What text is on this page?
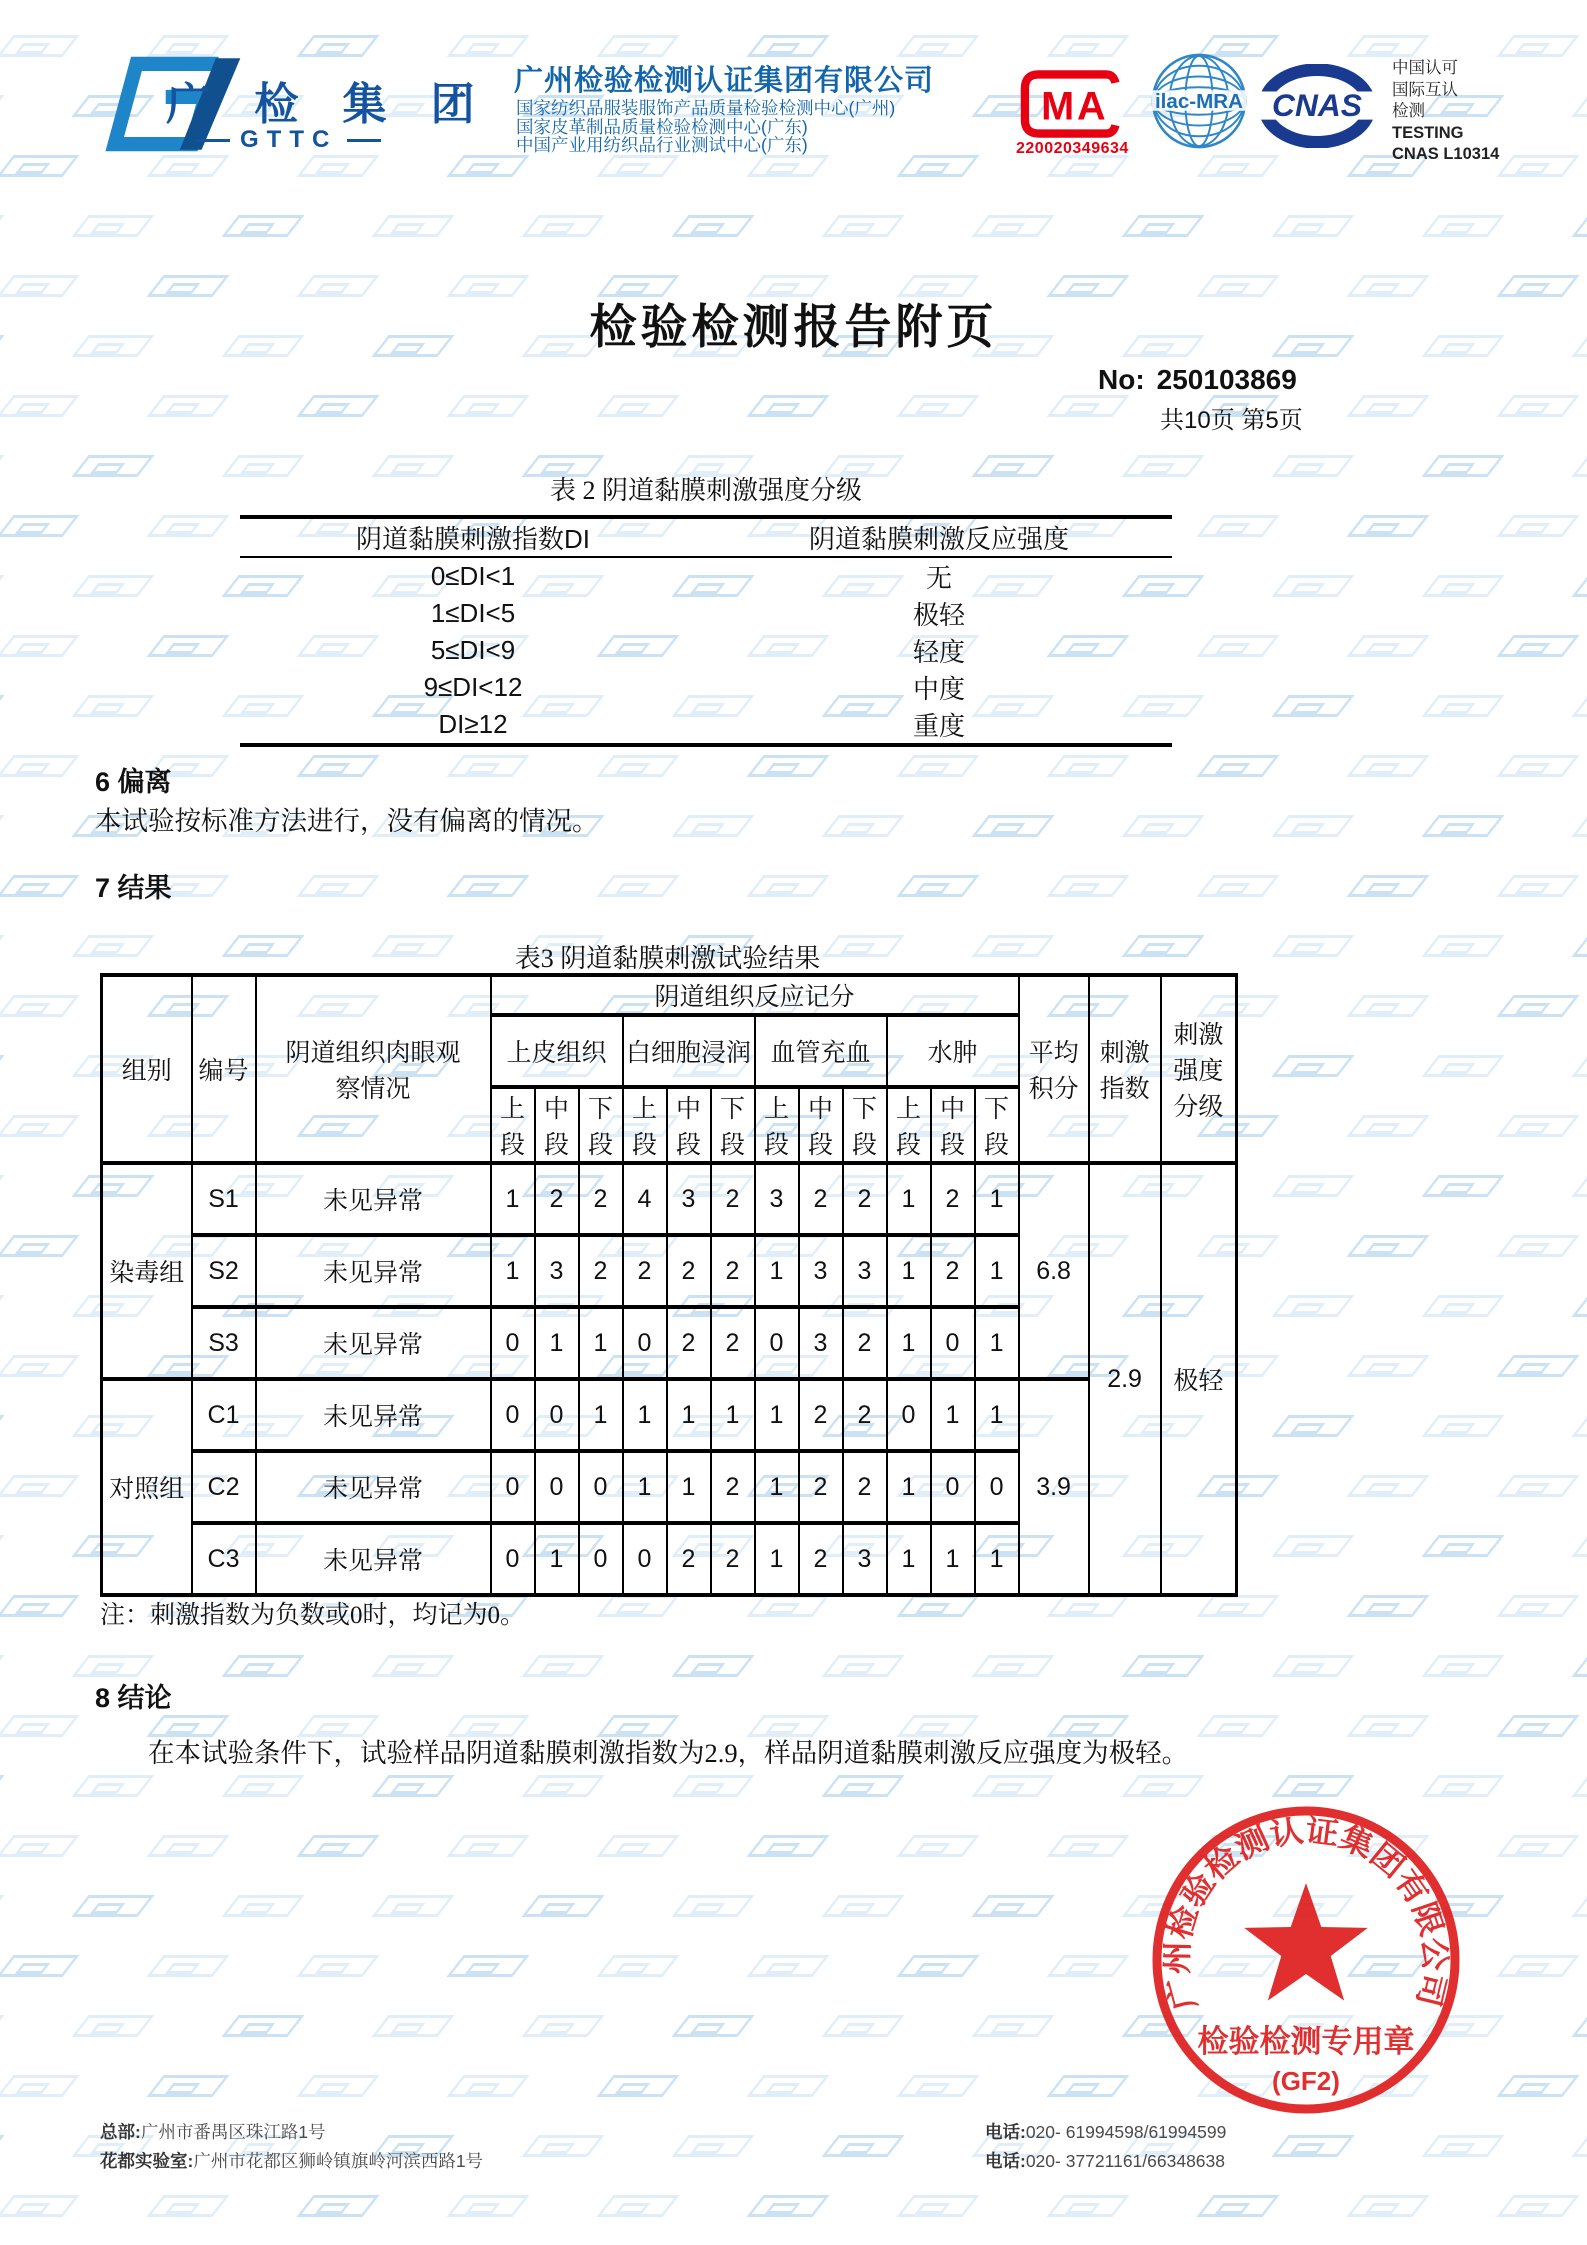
广 检 集 团
GTTC
广州检验检测认证集团有限公司
国家纺织品服装服饰产品质量检验检测中心(广州)
国家皮革制品质量检验检测中心(广东)
中国产业用纺织品行业测试中心(广东)
MA
220020349634
ilac-MRA CNAS
中国认可
国际互认
检测
TESTING
CNAS L10314
检验检测报告附页
No: 250103869
共10页 第5页
表 2 阴道黏膜刺激强度分级
阴道黏膜刺激指数DI	阴道黏膜刺激反应强度
0≤DI<1	无
1≤DI<5	极轻
5≤DI<9	轻度
9≤DI<12	中度
DI≥12	重度
6 偏离
本试验按标准方法进行，没有偏离的情况。
7 结果
表3 阴道黏膜刺激试验结果
组别	编号	阴道组织肉眼观察情况	阴道组织反应记分												平均积分	刺激指数	刺激强度分级
			上皮组织			白细胞浸润			血管充血			水肿					
			上段	中段	下段	上段	中段	下段	上段	中段	下段	上段	中段	下段			
染毒组	S1	未见异常	1	2	2	4	3	2	3	2	2	1	2	1	6.8	2.9	极轻
	S2	未见异常	1	3	2	2	2	2	1	3	3	1	2	1			
	S3	未见异常	0	1	1	0	2	2	0	3	2	1	0	1			
对照组	C1	未见异常	0	0	1	1	1	1	1	2	2	0	1	1	3.9		
	C2	未见异常	0	0	0	1	1	2	1	2	2	1	0	0			
	C3	未见异常	0	1	0	0	2	2	1	2	3	1	1	1			
注：刺激指数为负数或0时，均记为0。
8 结论
在本试验条件下，试验样品阴道黏膜刺激指数为2.9，样品阴道黏膜刺激反应强度为极轻。
广州检验检测认证集团有限公司
检验检测专用章
(GF2)
总部:广州市番禺区珠江路1号	电话:020- 61994598/61994599
花都实验室:广州市花都区狮岭镇旗岭河滨西路1号	电话:020- 37721161/66348638
